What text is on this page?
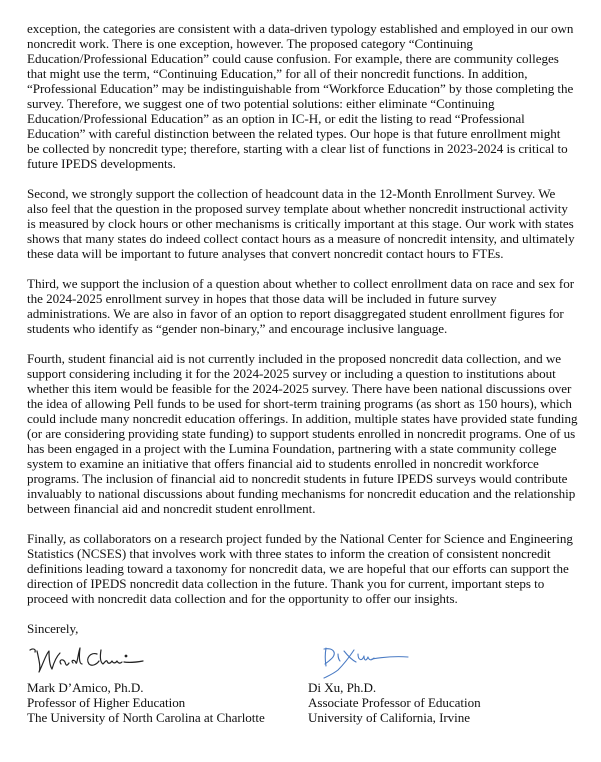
exception, the categories are consistent with a data-driven typology established and employed in our own
noncredit work. There is one exception, however. The proposed category “Continuing
Education/Professional Education” could cause confusion. For example, there are community colleges
that might use the term, “Continuing Education,” for all of their noncredit functions. In addition,
“Professional Education” may be indistinguishable from “Workforce Education” by those completing the
survey. Therefore, we suggest one of two potential solutions: either eliminate “Continuing
Education/Professional Education” as an option in IC-H, or edit the listing to read “Professional
Education” with careful distinction between the related types. Our hope is that future enrollment might
be collected by noncredit type; therefore, starting with a clear list of functions in 2023-2024 is critical to
future IPEDS developments.

Second, we strongly support the collection of headcount data in the 12-Month Enrollment Survey. We
also feel that the question in the proposed survey template about whether noncredit instructional activity
is measured by clock hours or other mechanisms is critically important at this stage. Our work with states
shows that many states do indeed collect contact hours as a measure of noncredit intensity, and ultimately
these data will be important to future analyses that convert noncredit contact hours to FTEs.

Third, we support the inclusion of a question about whether to collect enrollment data on race and sex for
the 2024-2025 enrollment survey in hopes that those data will be included in future survey
administrations. We are also in favor of an option to report disaggregated student enrollment figures for
students who identify as “gender non-binary,” and encourage inclusive language.

Fourth, student financial aid is not currently included in the proposed noncredit data collection, and we
support considering including it for the 2024-2025 survey or including a question to institutions about
whether this item would be feasible for the 2024-2025 survey. There have been national discussions over
the idea of allowing Pell funds to be used for short-term training programs (as short as 150 hours), which
could include many noncredit education offerings. In addition, multiple states have provided state funding
(or are considering providing state funding) to support students enrolled in noncredit programs. One of us
has been engaged in a project with the Lumina Foundation, partnering with a state community college
system to examine an initiative that offers financial aid to students enrolled in noncredit workforce
programs. The inclusion of financial aid to noncredit students in future IPEDS surveys would contribute
invaluably to national discussions about funding mechanisms for noncredit education and the relationship
between financial aid and noncredit student enrollment.

Finally, as collaborators on a research project funded by the National Center for Science and Engineering
Statistics (NCSES) that involves work with three states to inform the creation of consistent noncredit
definitions leading toward a taxonomy for noncredit data, we are hopeful that our efforts can support the
direction of IPEDS noncredit data collection in the future. Thank you for current, important steps to
proceed with noncredit data collection and for the opportunity to offer our insights.

Sincerely,

Mark D’Amico, Ph.D.
Professor of Higher Education
The University of North Carolina at Charlotte
Di Xu, Ph.D.
Associate Professor of Education
University of California, Irvine
